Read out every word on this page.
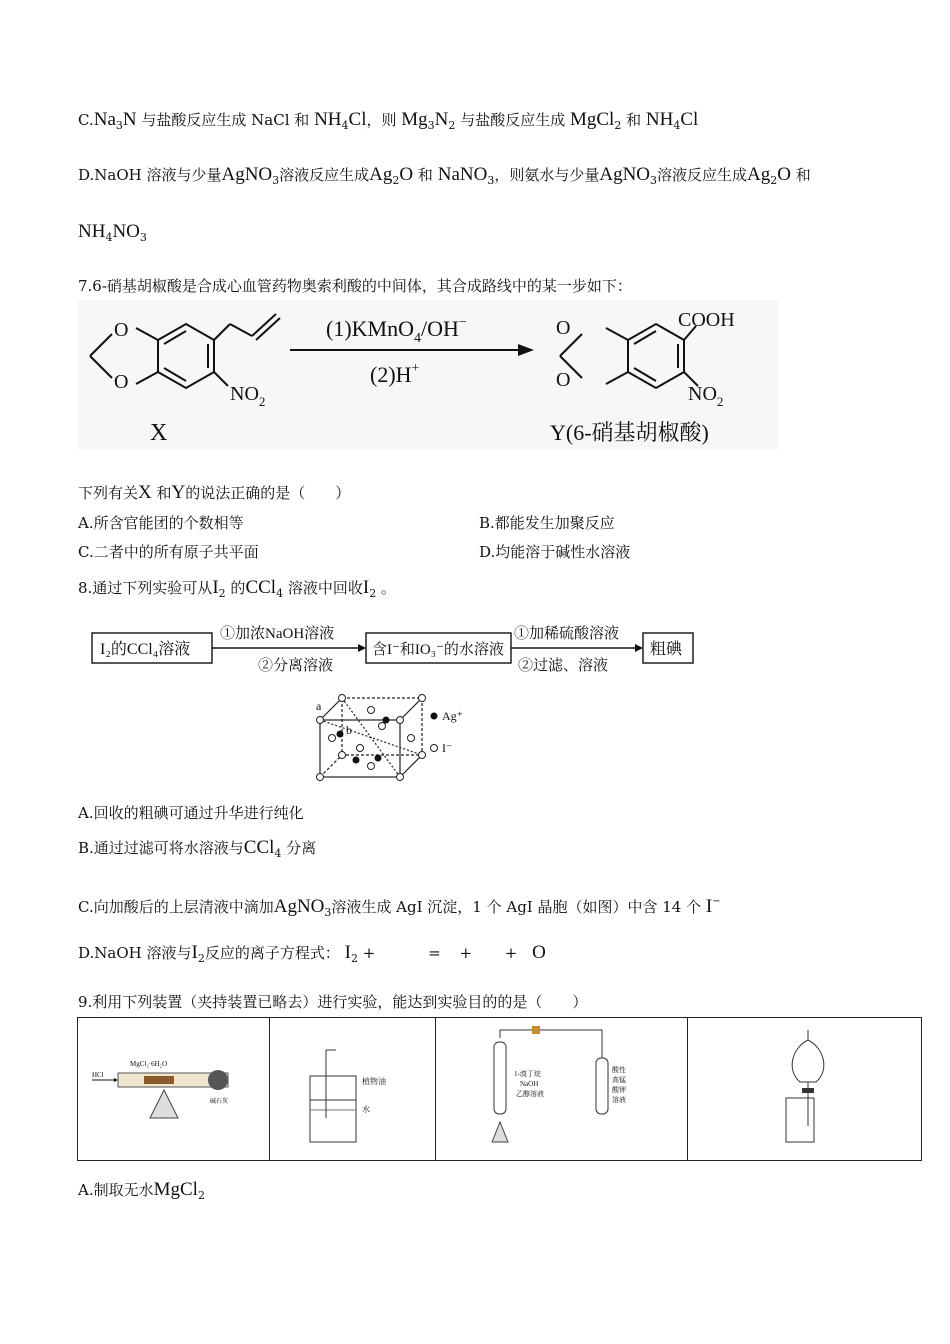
$C.Na_3N$ 与盐酸反应生成 NaCl 和 $NH_4Cl$，则 $Mg_3N_2$ 与盐酸反应生成 MgCl$_2$ 和 $NH_4Cl$
D.NaOH 溶液与少量AgNO$_3$溶液反应生成$Ag_2O$ 和 NaNO$_3$，则氨水与少量AgNO$_3$溶液反应生成$Ag_2O$ 和
$NH_4NO_3$
7.6-硝基胡椒酸是合成心血管药物奥索利酸的中间体，其合成路线中的某一步如下：
O
O
$NO_2$
X
(1)KMnO$_4$/OH−
(2)H+
O
O
COOH
$NO_2$
Y(6-硝基胡椒酸)
下列有关X 和Y的说法正确的是（　　）
A.所含官能团的个数相等	B.都能发生加聚反应
C.二者中的所有原子共平面	D.均能溶于碱性水溶液
8.通过下列实验可从$I_2$ 的CCl$_4$ 溶液中回收$I_2$ 。
I₂的CCl₄溶液
①加浓NaOH溶液
②分离溶液
含I⁻和IO₃⁻的水溶液
①加稀硫酸溶液
②过滤、溶液
粗碘
a
b
Ag⁺
I⁻
A.回收的粗碘可通过升华进行纯化
B.通过过滤可将水溶液与CCl$_4$ 分离
C.向加酸后的上层清液中滴加AgNO$_3$溶液生成 AgI 沉淀，1 个 AgI 晶胞（如图）中含 14 个 I−
D.NaOH 溶液与$I_2$反应的离子方程式： $I_2$ +	= + + O
9.利用下列装置（夹持装置已略去）进行实验，能达到实验目的的是（　　）
HCl
MgCl₂·6H₂O
碱石灰
植物油
水
1-溴丁烷
NaOH
乙醇溶液
酸性
高锰
酸钾
溶液
A.制取无水MgCl$_2$
